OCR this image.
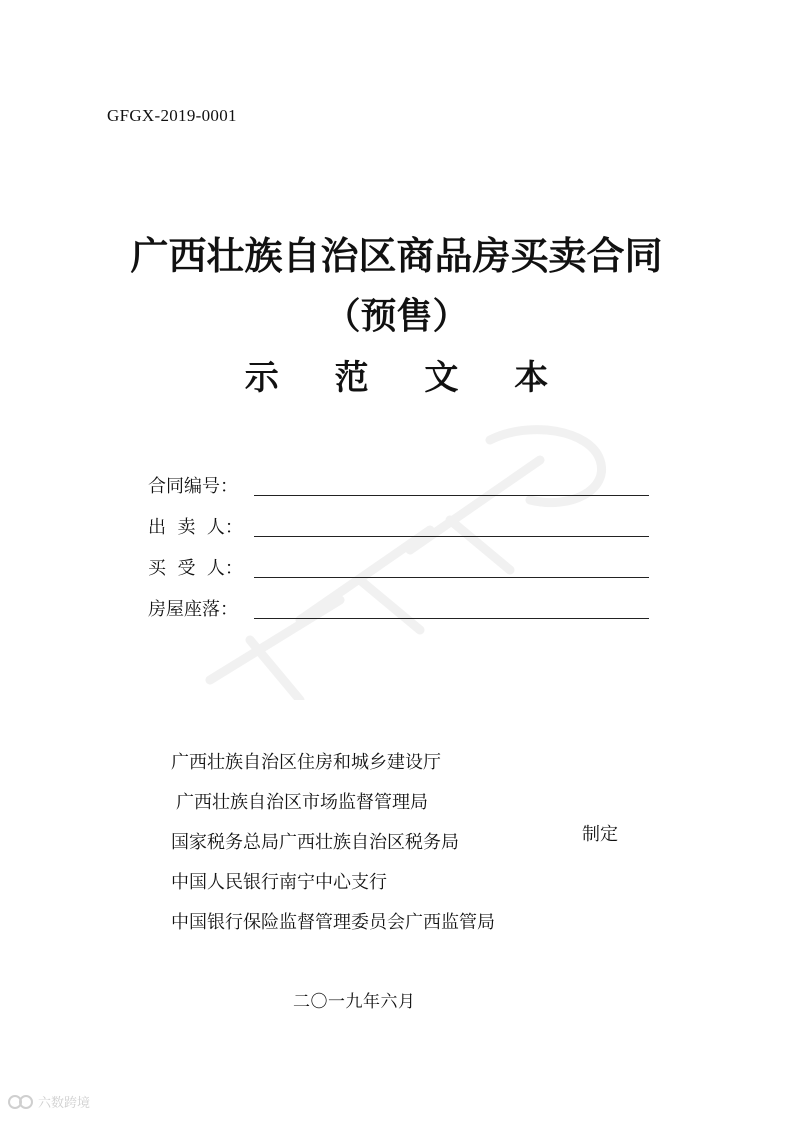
GFGX-2019-0001
广西壮族自治区商品房买卖合同
（预售）
示 范 文 本
合同编号：
出  卖  人：
买  受  人：
房屋座落：
广西壮族自治区住房和城乡建设厅
广西壮族自治区市场监督管理局
国家税务总局广西壮族自治区税务局
中国人民银行南宁中心支行
中国银行保险监督管理委员会广西监管局
制定
二〇一九年六月
六数跨境
